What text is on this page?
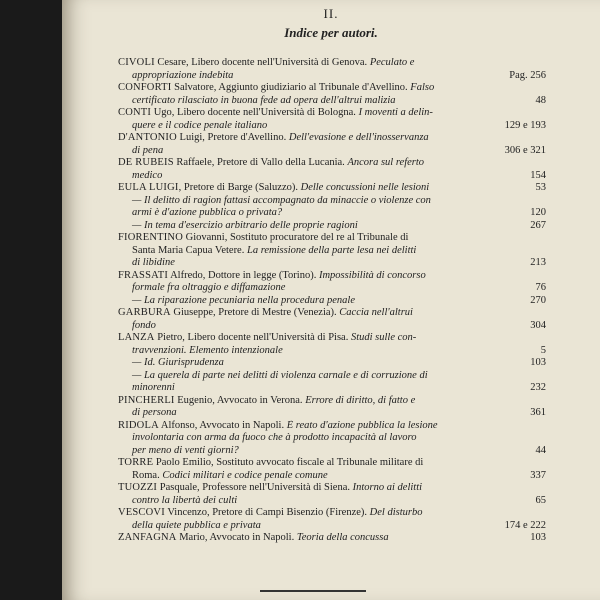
II.
Indice per autori.
CIVOLI Cesare, Libero docente nell'Università di Genova. Peculato e
appropriazione indebita	Pag. 256
CONFORTI Salvatore, Aggiunto giudiziario al Tribunale d'Avellino. Falso
certificato rilasciato in buona fede ad opera dell'altrui malizia	48
CONTI Ugo, Libero docente nell'Università di Bologna. I moventi a delin-
quere e il codice penale italiano	129 e 193
D'ANTONIO Luigi, Pretore d'Avellino. Dell'evasione e dell'inosservanza
di pena	306 e 321
DE RUBEIS Raffaele, Pretore di Vallo della Lucania. Ancora sul referto
medico	154
EULA LUIGI, Pretore di Barge (Saluzzo). Delle concussioni nelle lesioni	53
— Il delitto di ragion fattasi accompagnato da minaccie o violenze con
armi è d'azione pubblica o privata?	120
— In tema d'esercizio arbitrario delle proprie ragioni	267
FIORENTINO Giovanni, Sostituto procuratore del re al Tribunale di
Santa Maria Capua Vetere. La remissione della parte lesa nei delitti
di libidine	213
FRASSATI Alfredo, Dottore in legge (Torino). Impossibilità di concorso
formale fra oltraggio e diffamazione	76
— La riparazione pecuniaria nella procedura penale	270
GARBURA Giuseppe, Pretore di Mestre (Venezia). Caccia nell'altrui
fondo	304
LANZA Pietro, Libero docente nell'Università di Pisa. Studi sulle con-
travvenzioni. Elemento intenzionale	5
— Id. Giurisprudenza	103
— La querela di parte nei delitti di violenza carnale e di corruzione di
minorenni	232
PINCHERLI Eugenio, Avvocato in Verona. Errore di diritto, di fatto e
di persona	361
RIDOLA Alfonso, Avvocato in Napoli. È reato d'azione pubblica la lesione
involontaria con arma da fuoco che à prodotto incapacità al lavoro
per meno di venti giorni?	44
TORRE Paolo Emilio, Sostituto avvocato fiscale al Tribunale militare di
Roma. Codici militari e codice penale comune	337
TUOZZI Pasquale, Professore nell'Università di Siena. Intorno ai delitti
contro la libertà dei culti	65
VESCOVI Vincenzo, Pretore di Campi Bisenzio (Firenze). Del disturbo
della quiete pubblica e privata	174 e 222
ZANFAGNA Mario, Avvocato in Napoli. Teoria della concussa	103
